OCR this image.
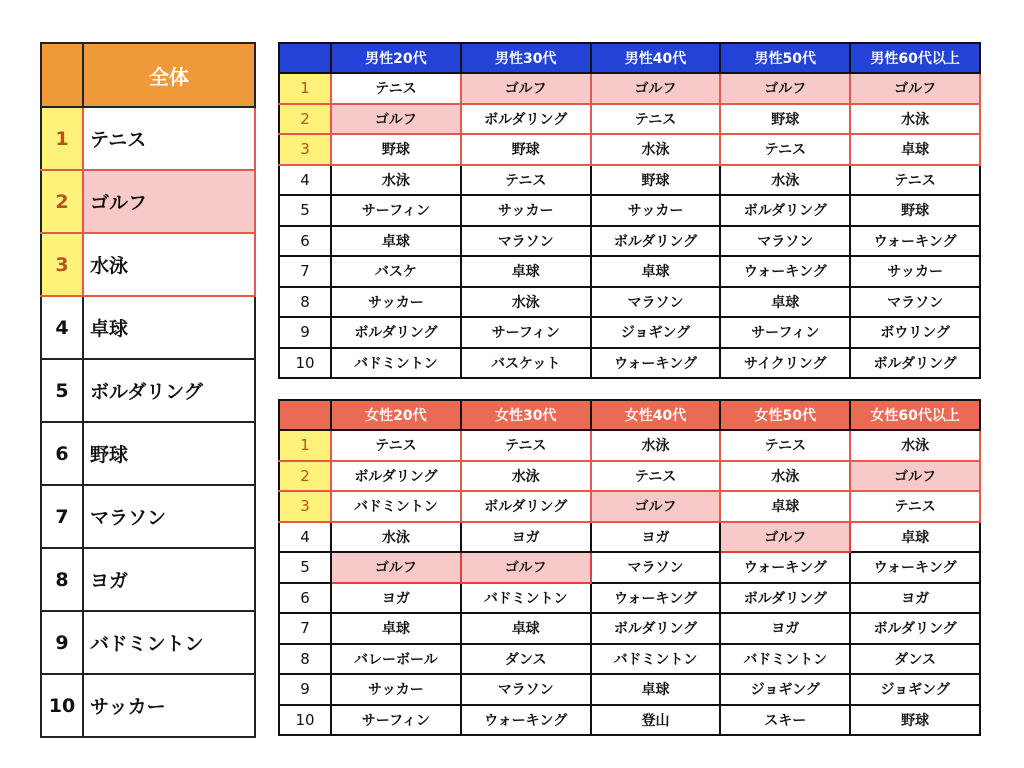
	全体
1	テニス
2	ゴルフ
3	水泳
4	卓球
5	ボルダリング
6	野球
7	マラソン
8	ヨガ
9	バドミントン
10	サッカー
	男性20代	男性30代	男性40代	男性50代	男性60代以上
1	テニス	ゴルフ	ゴルフ	ゴルフ	ゴルフ
2	ゴルフ	ボルダリング	テニス	野球	水泳
3	野球	野球	水泳	テニス	卓球
4	水泳	テニス	野球	水泳	テニス
5	サーフィン	サッカー	サッカー	ボルダリング	野球
6	卓球	マラソン	ボルダリング	マラソン	ウォーキング
7	バスケ	卓球	卓球	ウォーキング	サッカー
8	サッカー	水泳	マラソン	卓球	マラソン
9	ボルダリング	サーフィン	ジョギング	サーフィン	ボウリング
10	バドミントン	バスケット	ウォーキング	サイクリング	ボルダリング
	女性20代	女性30代	女性40代	女性50代	女性60代以上
1	テニス	テニス	水泳	テニス	水泳
2	ボルダリング	水泳	テニス	水泳	ゴルフ
3	バドミントン	ボルダリング	ゴルフ	卓球	テニス
4	水泳	ヨガ	ヨガ	ゴルフ	卓球
5	ゴルフ	ゴルフ	マラソン	ウォーキング	ウォーキング
6	ヨガ	バドミントン	ウォーキング	ボルダリング	ヨガ
7	卓球	卓球	ボルダリング	ヨガ	ボルダリング
8	バレーボール	ダンス	バドミントン	バドミントン	ダンス
9	サッカー	マラソン	卓球	ジョギング	ジョギング
10	サーフィン	ウォーキング	登山	スキー	野球
